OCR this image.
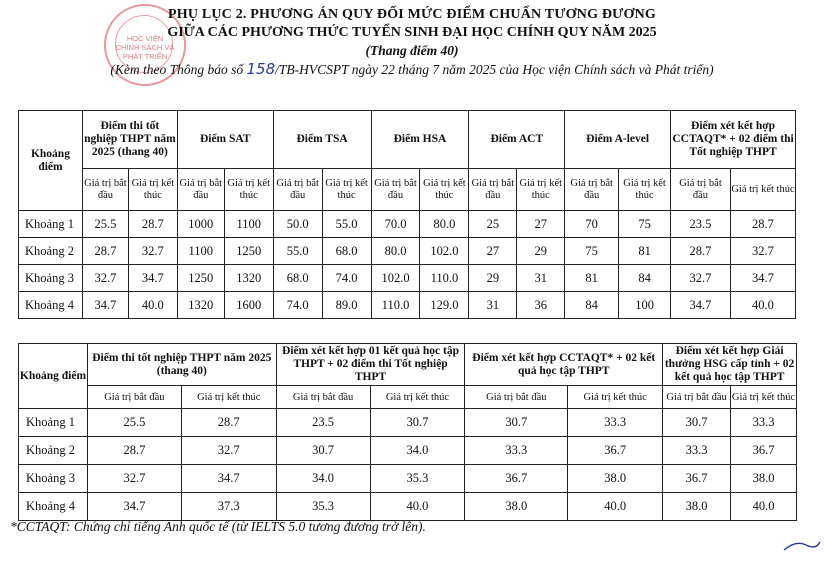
HỌC VIỆN
CHÍNH SÁCH VÀ
PHÁT TRIỂN
PHỤ LỤC 2. PHƯƠNG ÁN QUY ĐỔI MỨC ĐIỂM CHUẨN TƯƠNG ĐƯƠNG
GIỮA CÁC PHƯƠNG THỨC TUYỂN SINH ĐẠI HỌC CHÍNH QUY NĂM 2025
(Thang điểm 40)
(Kèm theo Thông báo số 158/TB-HVCSPT ngày 22 tháng 7 năm 2025 của Học viện Chính sách và Phát triển)
Khoảng điểm	Điểm thi tốt nghiệp THPT năm 2025 (thang 40)		Điểm SAT		Điểm TSA		Điểm HSA		Điểm ACT		Điểm A-level		Điểm xét kết hợp CCTAQT* + 02 điểm thi Tốt nghiệp THPT	
	Giá trị bắt đầu	Giá trị kết thúc	Giá trị bắt đầu	Giá trị kết thúc	Giá trị bắt đầu	Giá trị kết thúc	Giá trị bắt đầu	Giá trị kết thúc	Giá trị bắt đầu	Giá trị kết thúc	Giá trị bắt đầu	Giá trị kết thúc	Giá trị bắt đầu	Giá trị kết thúc
Khoảng 1	25.5	28.7	1000	1100	50.0	55.0	70.0	80.0	25	27	70	75	23.5	28.7
Khoảng 2	28.7	32.7	1100	1250	55.0	68.0	80.0	102.0	27	29	75	81	28.7	32.7
Khoảng 3	32.7	34.7	1250	1320	68.0	74.0	102.0	110.0	29	31	81	84	32.7	34.7
Khoảng 4	34.7	40.0	1320	1600	74.0	89.0	110.0	129.0	31	36	84	100	34.7	40.0
Khoảng điểm	Điểm thi tốt nghiệp THPT năm 2025 (thang 40)		Điểm xét kết hợp 01 kết quả học tập THPT + 02 điểm thi Tốt nghiệp THPT		Điểm xét kết hợp CCTAQT* + 02 kết quả học tập THPT		Điểm xét kết hợp Giải thưởng HSG cấp tỉnh + 02 kết quả học tập THPT	
	Giá trị bắt đầu	Giá trị kết thúc	Giá trị bắt đầu	Giá trị kết thúc	Giá trị bắt đầu	Giá trị kết thúc	Giá trị bắt đầu	Giá trị kết thúc
Khoảng 1	25.5	28.7	23.5	30.7	30.7	33.3	30.7	33.3
Khoảng 2	28.7	32.7	30.7	34.0	33.3	36.7	33.3	36.7
Khoảng 3	32.7	34.7	34.0	35.3	36.7	38.0	36.7	38.0
Khoảng 4	34.7	37.3	35.3	40.0	38.0	40.0	38.0	40.0
*CCTAQT: Chứng chỉ tiếng Anh quốc tế (từ IELTS 5.0 tương đương trở lên).
